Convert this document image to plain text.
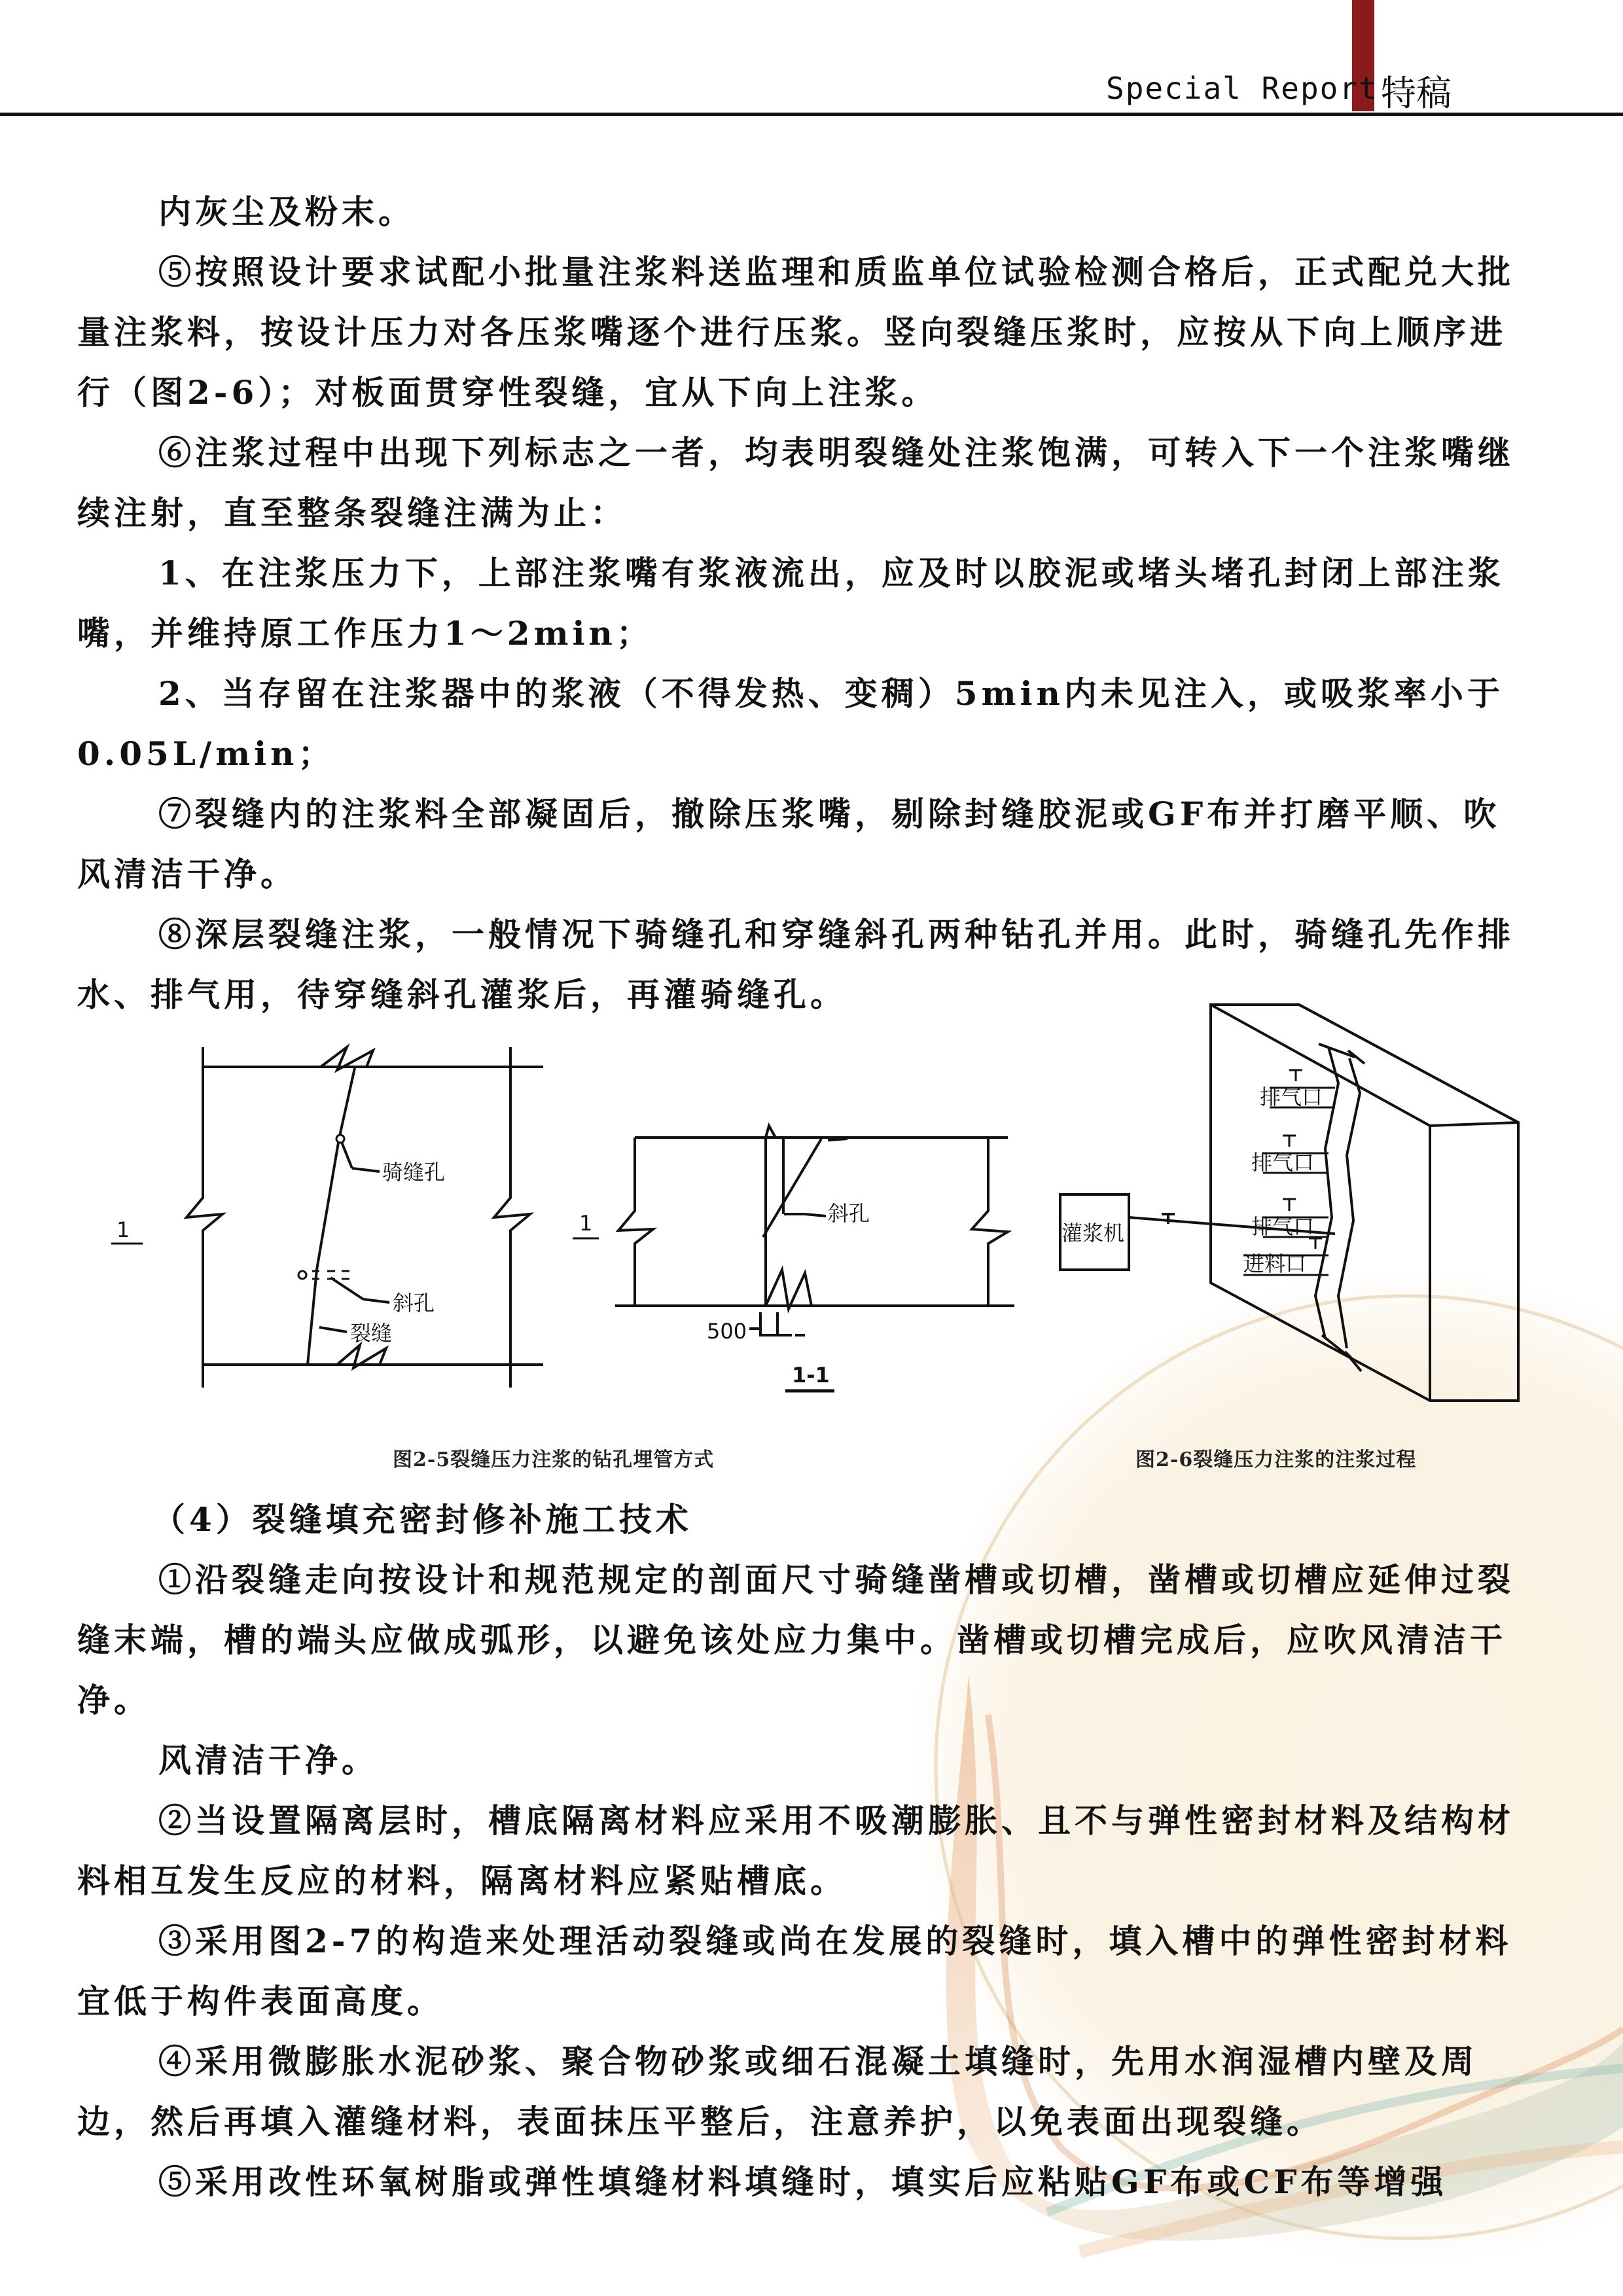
Special Report 特稿

内灰尘及粉末。

⑤按照设计要求试配小批量注浆料送监理和质监单位试验检测合格后，正式配兑大批量注浆料，按设计压力对各压浆嘴逐个进行压浆。竖向裂缝压浆时，应按从下向上顺序进行（图2-6）；对板面贯穿性裂缝，宜从下向上注浆。

⑥注浆过程中出现下列标志之一者，均表明裂缝处注浆饱满，可转入下一个注浆嘴继续注射，直至整条裂缝注满为止：

1、在注浆压力下，上部注浆嘴有浆液流出，应及时以胶泥或堵头堵孔封闭上部注浆嘴，并维持原工作压力1～2min；

2、当存留在注浆器中的浆液（不得发热、变稠）5min内未见注入，或吸浆率小于0.05L/min；

⑦裂缝内的注浆料全部凝固后，撤除压浆嘴，剔除封缝胶泥或GF布并打磨平顺、吹风清洁干净。

⑧深层裂缝注浆，一般情况下骑缝孔和穿缝斜孔两种钻孔并用。此时，骑缝孔先作排水、排气用，待穿缝斜孔灌浆后，再灌骑缝孔。

1
骑缝孔
斜孔
裂缝
1	斜孔
500
1-1
排气口
排气口
排气口
进料口
灌浆机
图2-5裂缝压力注浆的钻孔埋管方式	图2-6裂缝压力注浆的注浆过程

（4）裂缝填充密封修补施工技术

①沿裂缝走向按设计和规范规定的剖面尺寸骑缝凿槽或切槽，凿槽或切槽应延伸过裂缝末端，槽的端头应做成弧形，以避免该处应力集中。凿槽或切槽完成后，应吹风清洁干净。

风清洁干净。

②当设置隔离层时，槽底隔离材料应采用不吸潮膨胀、且不与弹性密封材料及结构材料相互发生反应的材料，隔离材料应紧贴槽底。

③采用图2-7的构造来处理活动裂缝或尚在发展的裂缝时，填入槽中的弹性密封材料宜低于构件表面高度。

④采用微膨胀水泥砂浆、聚合物砂浆或细石混凝土填缝时，先用水润湿槽内壁及周边，然后再填入灌缝材料，表面抹压平整后，注意养护，以免表面出现裂缝。

⑤采用改性环氧树脂或弹性填缝材料填缝时，填实后应粘贴GF布或CF布等增强
